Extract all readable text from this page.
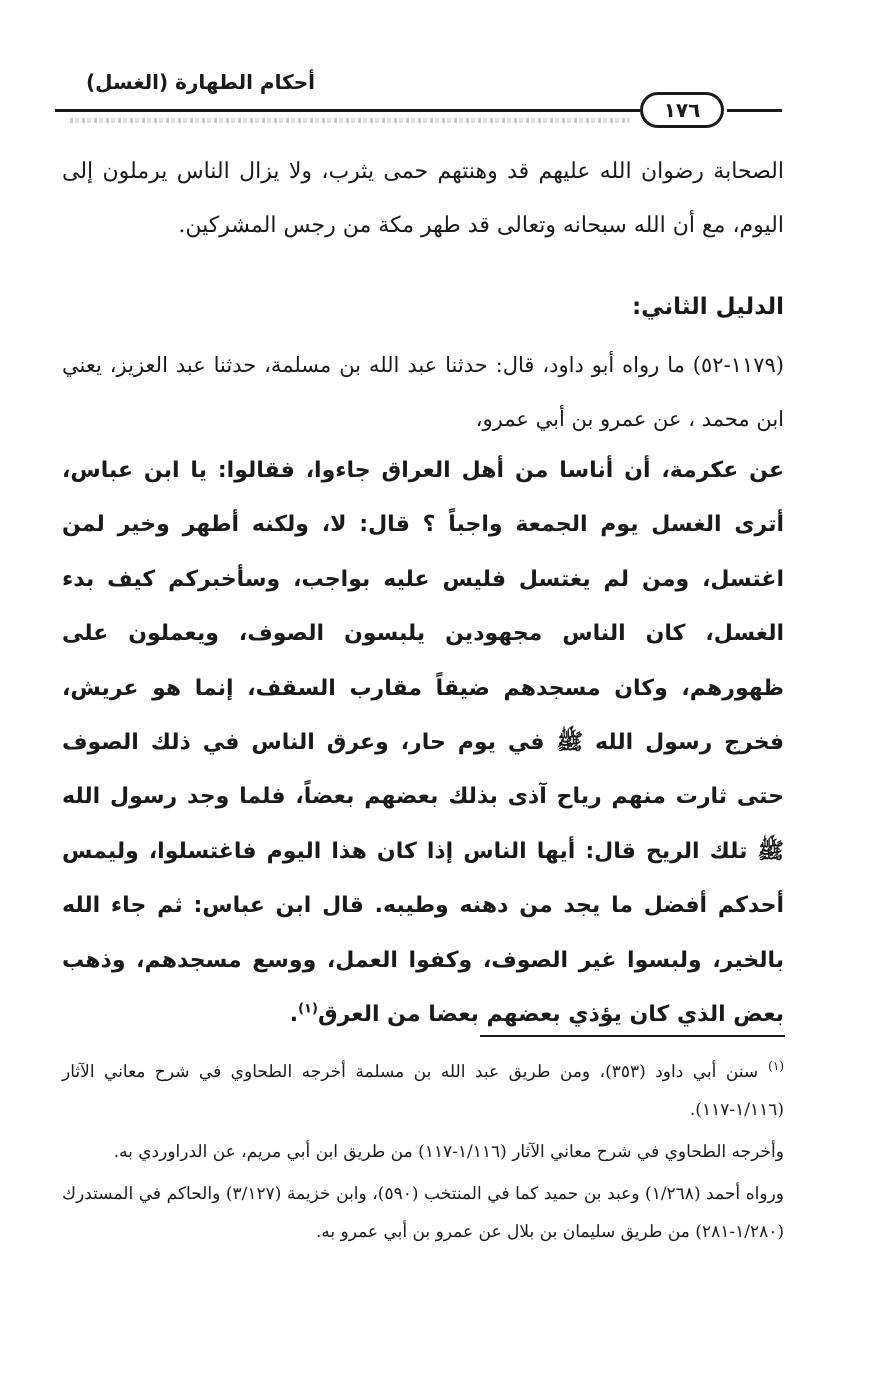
أحكام الطهارة (الغسل)
١٧٦

الصحابة رضوان الله عليهم قد وهنتهم حمى يثرب، ولا يزال الناس يرملون إلى اليوم، مع أن الله سبحانه وتعالى قد طهر مكة من رجس المشركين.

الدليل الثاني:

(١١٧٩-٥٢) ما رواه أبو داود، قال: حدثنا عبد الله بن مسلمة، حدثنا عبد العزيز، يعني ابن محمد ، عن عمرو بن أبي عمرو،

عن عكرمة، أن أناسا من أهل العراق جاءوا، فقالوا: يا ابن عباس، أترى الغسل يوم الجمعة واجباً ؟ قال: لا، ولكنه أطهر وخير لمن اغتسل، ومن لم يغتسل فليس عليه بواجب، وسأخبركم كيف بدء الغسل، كان الناس مجهودين يلبسون الصوف، ويعملون على ظهورهم، وكان مسجدهم ضيقاً مقارب السقف، إنما هو عريش، فخرج رسول الله ﷺ في يوم حار، وعرق الناس في ذلك الصوف حتى ثارت منهم رياح آذى بذلك بعضهم بعضاً، فلما وجد رسول الله ﷺ تلك الريح قال: أيها الناس إذا كان هذا اليوم فاغتسلوا، وليمس أحدكم أفضل ما يجد من دهنه وطيبه. قال ابن عباس: ثم جاء الله بالخير، ولبسوا غير الصوف، وكفوا العمل، ووسع مسجدهم، وذهب بعض الذي كان يؤذي بعضهم بعضا من العرق$^{(١)}$.

$^{(١)}$سنن أبي داود (٣٥٣)، ومن طريق عبد الله بن مسلمة أخرجه الطحاوي في شرح معاني الآثار (١/١١٦-١١٧).

وأخرجه الطحاوي في شرح معاني الآثار (١/١١٦-١١٧) من طريق ابن أبي مريم، عن الدراوردي به.

ورواه أحمد (١/٢٦٨) وعبد بن حميد كما في المنتخب (٥٩٠)، وابن خزيمة (٣/١٢٧) والحاكم في المستدرك (١/٢٨٠-٢٨١) من طريق سليمان بن بلال عن عمرو بن أبي عمرو به.
